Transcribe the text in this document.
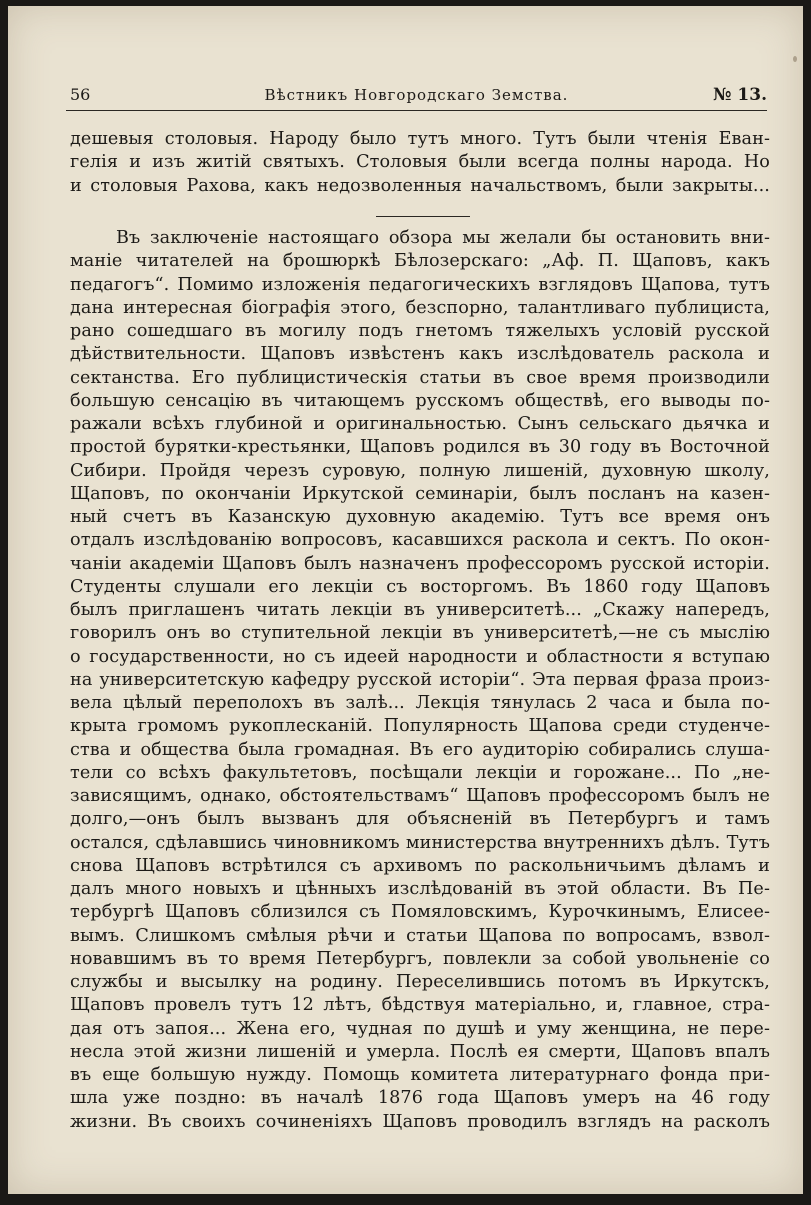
Вѣстникъ Новгородскаго Земства.
56	№ 13.

дешевыя столовыя. Народу было тутъ много. Тутъ были чтенія Еван-

гелія и изъ житій святыхъ. Столовыя были всегда полны народа. Но

и столовыя Рахова, какъ недозволенныя начальствомъ, были закрыты...

Въ заключеніе настоящаго обзора мы желали бы остановить вни-

маніе читателей на брошюркѣ Бѣлозерскаго: „Аф. П. Щаповъ, какъ

педагогъ“. Помимо изложенія педагогическихъ взглядовъ Щапова, тутъ

дана интересная біографія этого, безспорно, талантливаго публициста,

рано сошедшаго въ могилу подъ гнетомъ тяжелыхъ условій русской

дѣйствительности. Щаповъ извѣстенъ какъ изслѣдователь раскола и

сектанства. Его публицистическія статьи въ свое время производили

большую сенсацію въ читающемъ русскомъ обществѣ, его выводы по-

ражали всѣхъ глубиной и оригинальностью. Сынъ сельскаго дьячка и

простой бурятки-крестьянки, Щаповъ родился въ 30 году въ Восточной

Сибири. Пройдя черезъ суровую, полную лишеній, духовную школу,

Щаповъ, по окончаніи Иркутской семинаріи, былъ посланъ на казен-

ный счетъ въ Казанскую духовную академію. Тутъ все время онъ

отдалъ изслѣдованію вопросовъ, касавшихся раскола и сектъ. По окон-

чаніи академіи Щаповъ былъ назначенъ профессоромъ русской исторіи.

Студенты слушали его лекціи съ восторгомъ. Въ 1860 году Щаповъ

былъ приглашенъ читать лекціи въ университетѣ... „Скажу напередъ,

говорилъ онъ во ступительной лекціи въ университетѣ,—не съ мыслію

о государственности, но съ идеей народности и областности я вступаю

на университетскую кафедру русской исторіи“. Эта первая фраза произ-

вела цѣлый переполохъ въ залѣ... Лекція тянулась 2 часа и была по-

крыта громомъ рукоплесканій. Популярность Щапова среди студенче-

ства и общества была громадная. Въ его аудиторію собирались слуша-

тели со всѣхъ факультетовъ, посѣщали лекціи и горожане... По „не-

зависящимъ, однако, обстоятельствамъ“ Щаповъ профессоромъ былъ не

долго,—онъ былъ вызванъ для объясненій въ Петербургъ и тамъ

остался, сдѣлавшись чиновникомъ министерства внутреннихъ дѣлъ. Тутъ

снова Щаповъ встрѣтился съ архивомъ по раскольничьимъ дѣламъ и

далъ много новыхъ и цѣнныхъ изслѣдованій въ этой области. Въ Пе-

тербургѣ Щаповъ сблизился съ Помяловскимъ, Курочкинымъ, Елисее-

вымъ. Слишкомъ смѣлыя рѣчи и статьи Щапова по вопросамъ, взвол-

новавшимъ въ то время Петербургъ, повлекли за собой увольненіе со

службы и высылку на родину. Переселившись потомъ въ Иркутскъ,

Щаповъ провелъ тутъ 12 лѣтъ, бѣдствуя матеріально, и, главное, стра-

дая отъ запоя... Жена его, чудная по душѣ и уму женщина, не пере-

несла этой жизни лишеній и умерла. Послѣ ея смерти, Щаповъ впалъ

въ еще большую нужду. Помощь комитета литературнаго фонда при-

шла уже поздно: въ началѣ 1876 года Щаповъ умеръ на 46 году

жизни. Въ своихъ сочиненіяхъ Щаповъ проводилъ взглядъ на расколъ
